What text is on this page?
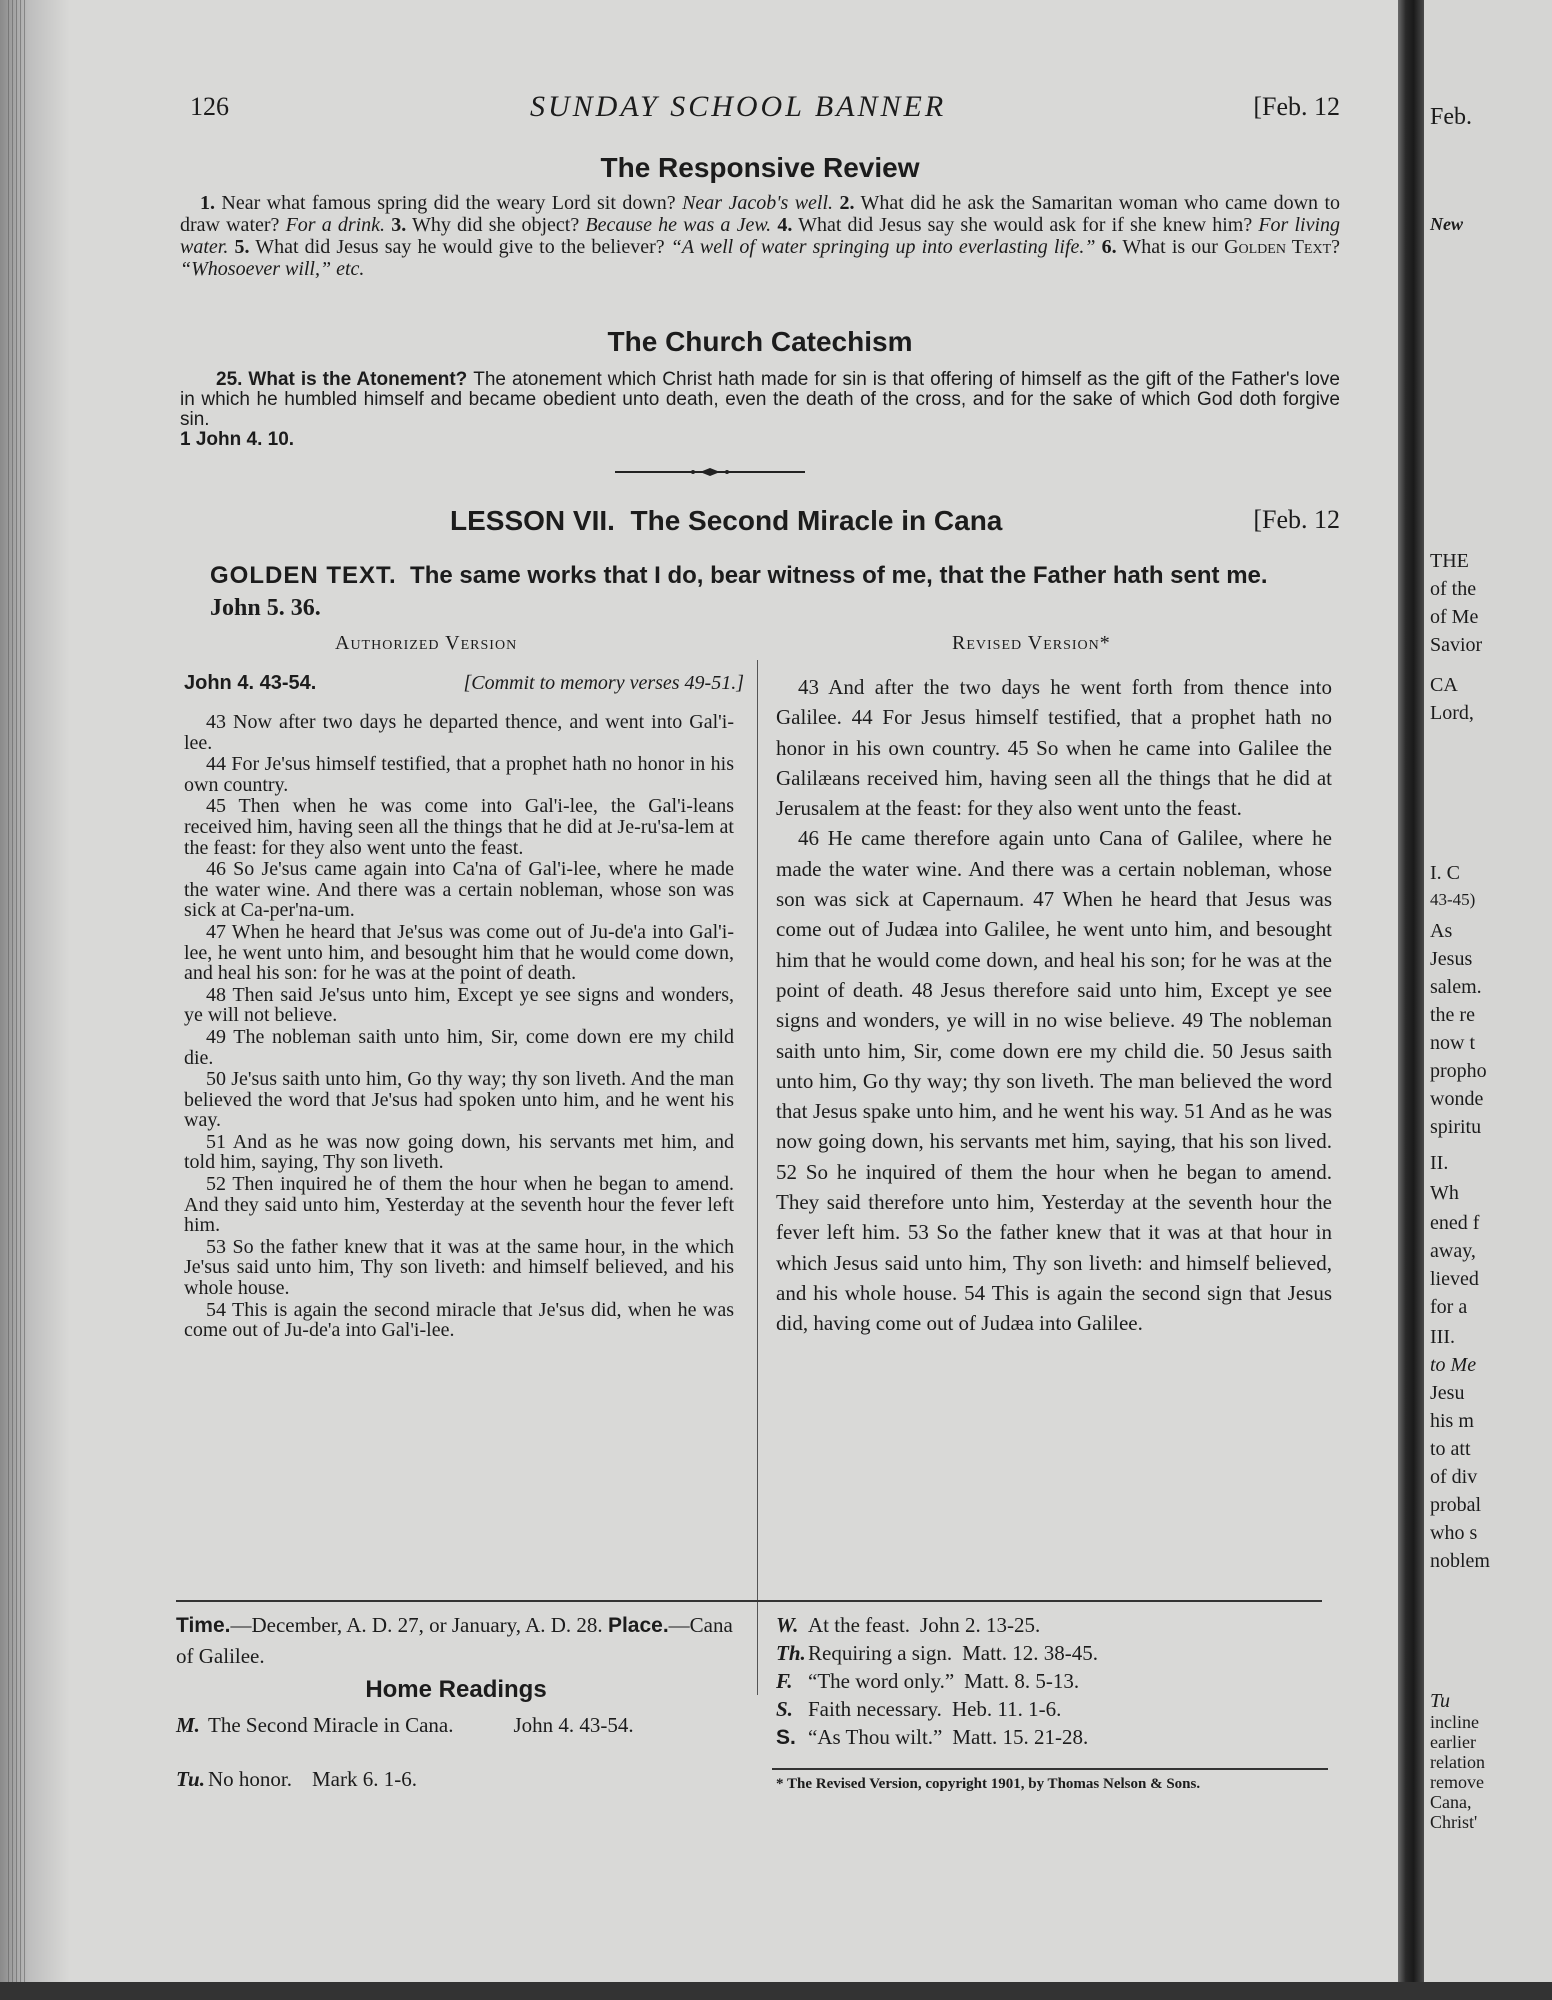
126	SUNDAY SCHOOL BANNER	[Feb. 12
The Responsive Review
1. Near what famous spring did the weary Lord sit down? Near Jacob's well. 2. What did he ask the Samaritan woman who came down to draw water? For a drink. 3. Why did she object? Because he was a Jew. 4. What did Jesus say she would ask for if she knew him? For living water. 5. What did Jesus say he would give to the believer? “A well of water springing up into everlasting life.” 6. What is our Golden Text? “Whosoever will,” etc.
The Church Catechism
25. What is the Atonement? The atonement which Christ hath made for sin is that offering of himself as the gift of the Father's love in which he humbled himself and became obedient unto death, even the death of the cross, and for the sake of which God doth forgive sin.
1 John 4. 10.
LESSON VII. The Second Miracle in Cana	[Feb. 12
GOLDEN TEXT. The same works that I do, bear witness of me, that the Father hath sent me. John 5. 36.
Authorized Version	Revised Version*
John 4. 43-54.	[Commit to memory verses 49-51.]

43 Now after two days he departed thence, and went into Gal'i-lee.

44 For Je'sus himself testified, that a prophet hath no honor in his own country.

45 Then when he was come into Gal'i-lee, the Gal'i-leans received him, having seen all the things that he did at Je-ru'sa-lem at the feast: for they also went unto the feast.

46 So Je'sus came again into Ca'na of Gal'i-lee, where he made the water wine. And there was a certain nobleman, whose son was sick at Ca-per'na-um.

47 When he heard that Je'sus was come out of Ju-de'a into Gal'i-lee, he went unto him, and besought him that he would come down, and heal his son: for he was at the point of death.

48 Then said Je'sus unto him, Except ye see signs and wonders, ye will not believe.

49 The nobleman saith unto him, Sir, come down ere my child die.

50 Je'sus saith unto him, Go thy way; thy son liveth. And the man believed the word that Je'sus had spoken unto him, and he went his way.

51 And as he was now going down, his servants met him, and told him, saying, Thy son liveth.

52 Then inquired he of them the hour when he began to amend. And they said unto him, Yesterday at the seventh hour the fever left him.

53 So the father knew that it was at the same hour, in the which Je'sus said unto him, Thy son liveth: and himself believed, and his whole house.

54 This is again the second miracle that Je'sus did, when he was come out of Ju-de'a into Gal'i-lee.

43 And after the two days he went forth from thence into Galilee. 44 For Jesus himself testified, that a prophet hath no honor in his own country. 45 So when he came into Galilee the Galilæans received him, having seen all the things that he did at Jerusalem at the feast: for they also went unto the feast.

46 He came therefore again unto Cana of Galilee, where he made the water wine. And there was a certain nobleman, whose son was sick at Capernaum. 47 When he heard that Jesus was come out of Judæa into Galilee, he went unto him, and besought him that he would come down, and heal his son; for he was at the point of death. 48 Jesus therefore said unto him, Except ye see signs and wonders, ye will in no wise believe. 49 The nobleman saith unto him, Sir, come down ere my child die. 50 Jesus saith unto him, Go thy way; thy son liveth. The man believed the word that Jesus spake unto him, and he went his way. 51 And as he was now going down, his servants met him, saying, that his son lived. 52 So he inquired of them the hour when he began to amend. They said therefore unto him, Yesterday at the seventh hour the fever left him. 53 So the father knew that it was at that hour in which Jesus said unto him, Thy son liveth: and himself believed, and his whole house. 54 This is again the second sign that Jesus did, having come out of Judæa into Galilee.

Time.—December, A. D. 27, or January, A. D. 28. Place.—Cana of Galilee.
Home Readings
M. The Second Miracle in Cana.	John 4. 43-54.
Tu. No honor. Mark 6. 1-6.
W. At the feast. John 2. 13-25.
Th. Requiring a sign. Matt. 12. 38-45.
F. “The word only.” Matt. 8. 5-13.
S. Faith necessary. Heb. 11. 1-6.
S. “As Thou wilt.” Matt. 15. 21-28.
* The Revised Version, copyright 1901, by Thomas Nelson & Sons.
Feb.
New
THE
of the
of Me
Savior
CA
Lord,
I. C
43-45)
As
Jesus
salem.
the re
now t
propho
wonde
spiritu
II.
Wh
ened f
away,
lieved
for a
III.
to Me
Jesu
his m
to att
of div
probal
who s
noblem
Tu
incline
earlier
relation
remove
Cana,
Christ'
